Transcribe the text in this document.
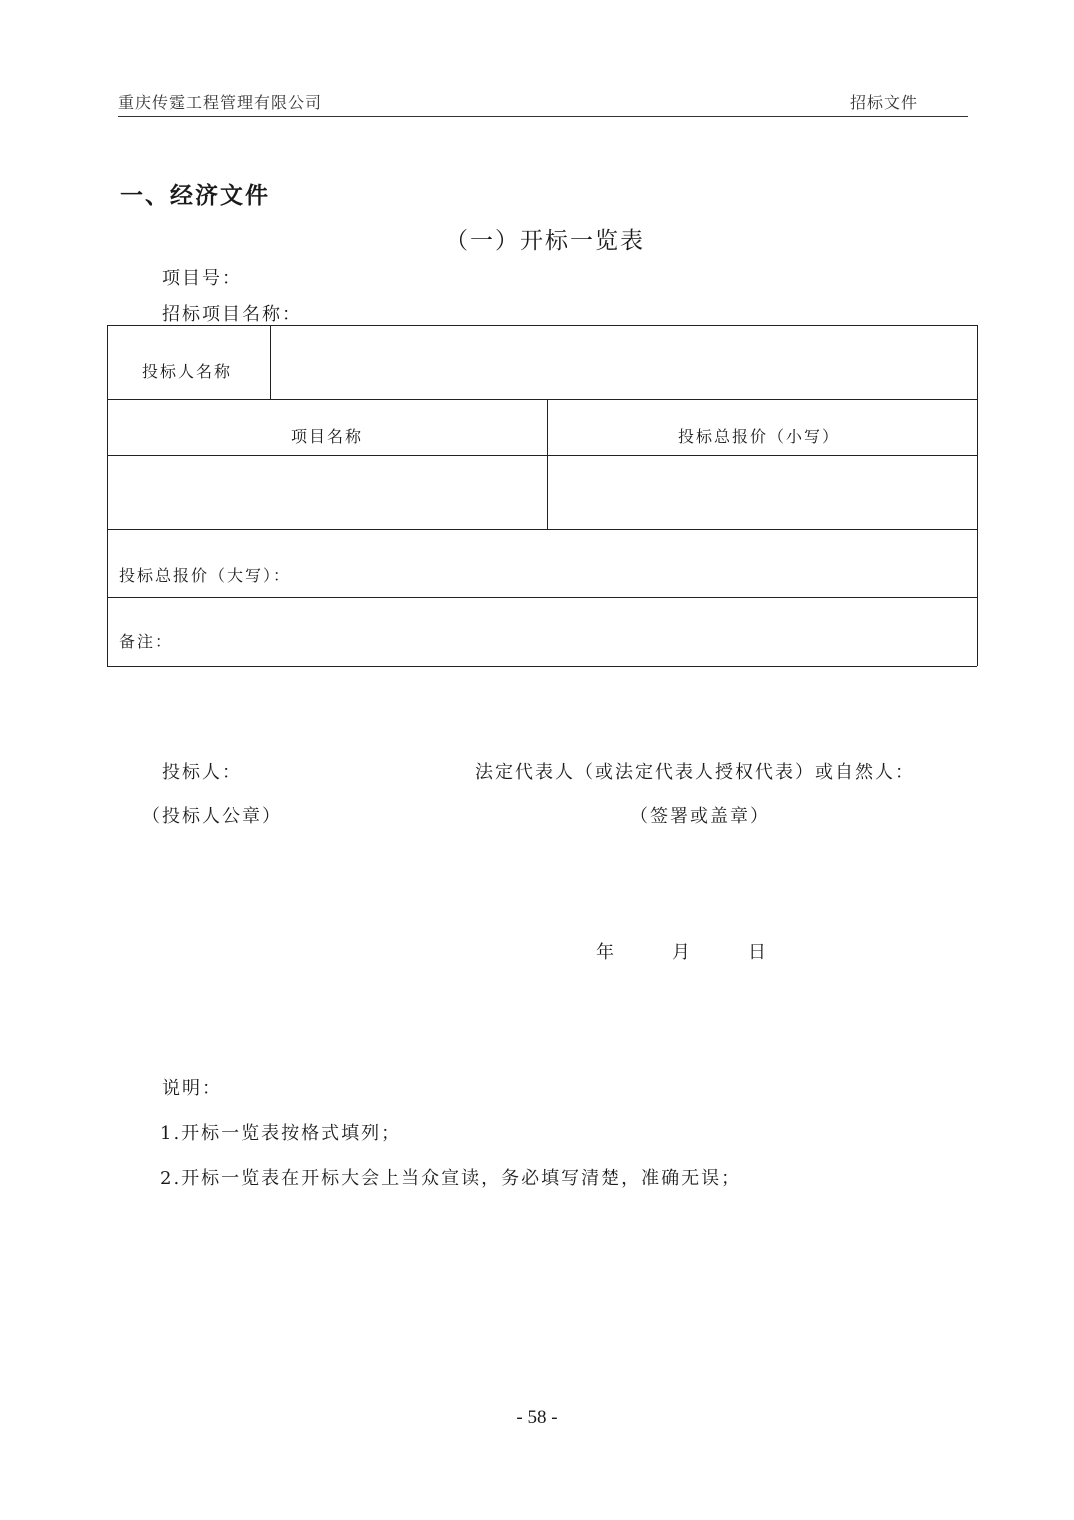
重庆传霆工程管理有限公司	招标文件
一、经济文件
（一）开标一览表
项目号：
招标项目名称：
投标人名称
项目名称	投标总报价（小写）
投标总报价（大写）：
备注：
投标人：	法定代表人（或法定代表人授权代表）或自然人：
（投标人公章）	（签署或盖章）
年	月	日
说明：
1.开标一览表按格式填列；
2.开标一览表在开标大会上当众宣读，务必填写清楚，准确无误；
- 58 -
